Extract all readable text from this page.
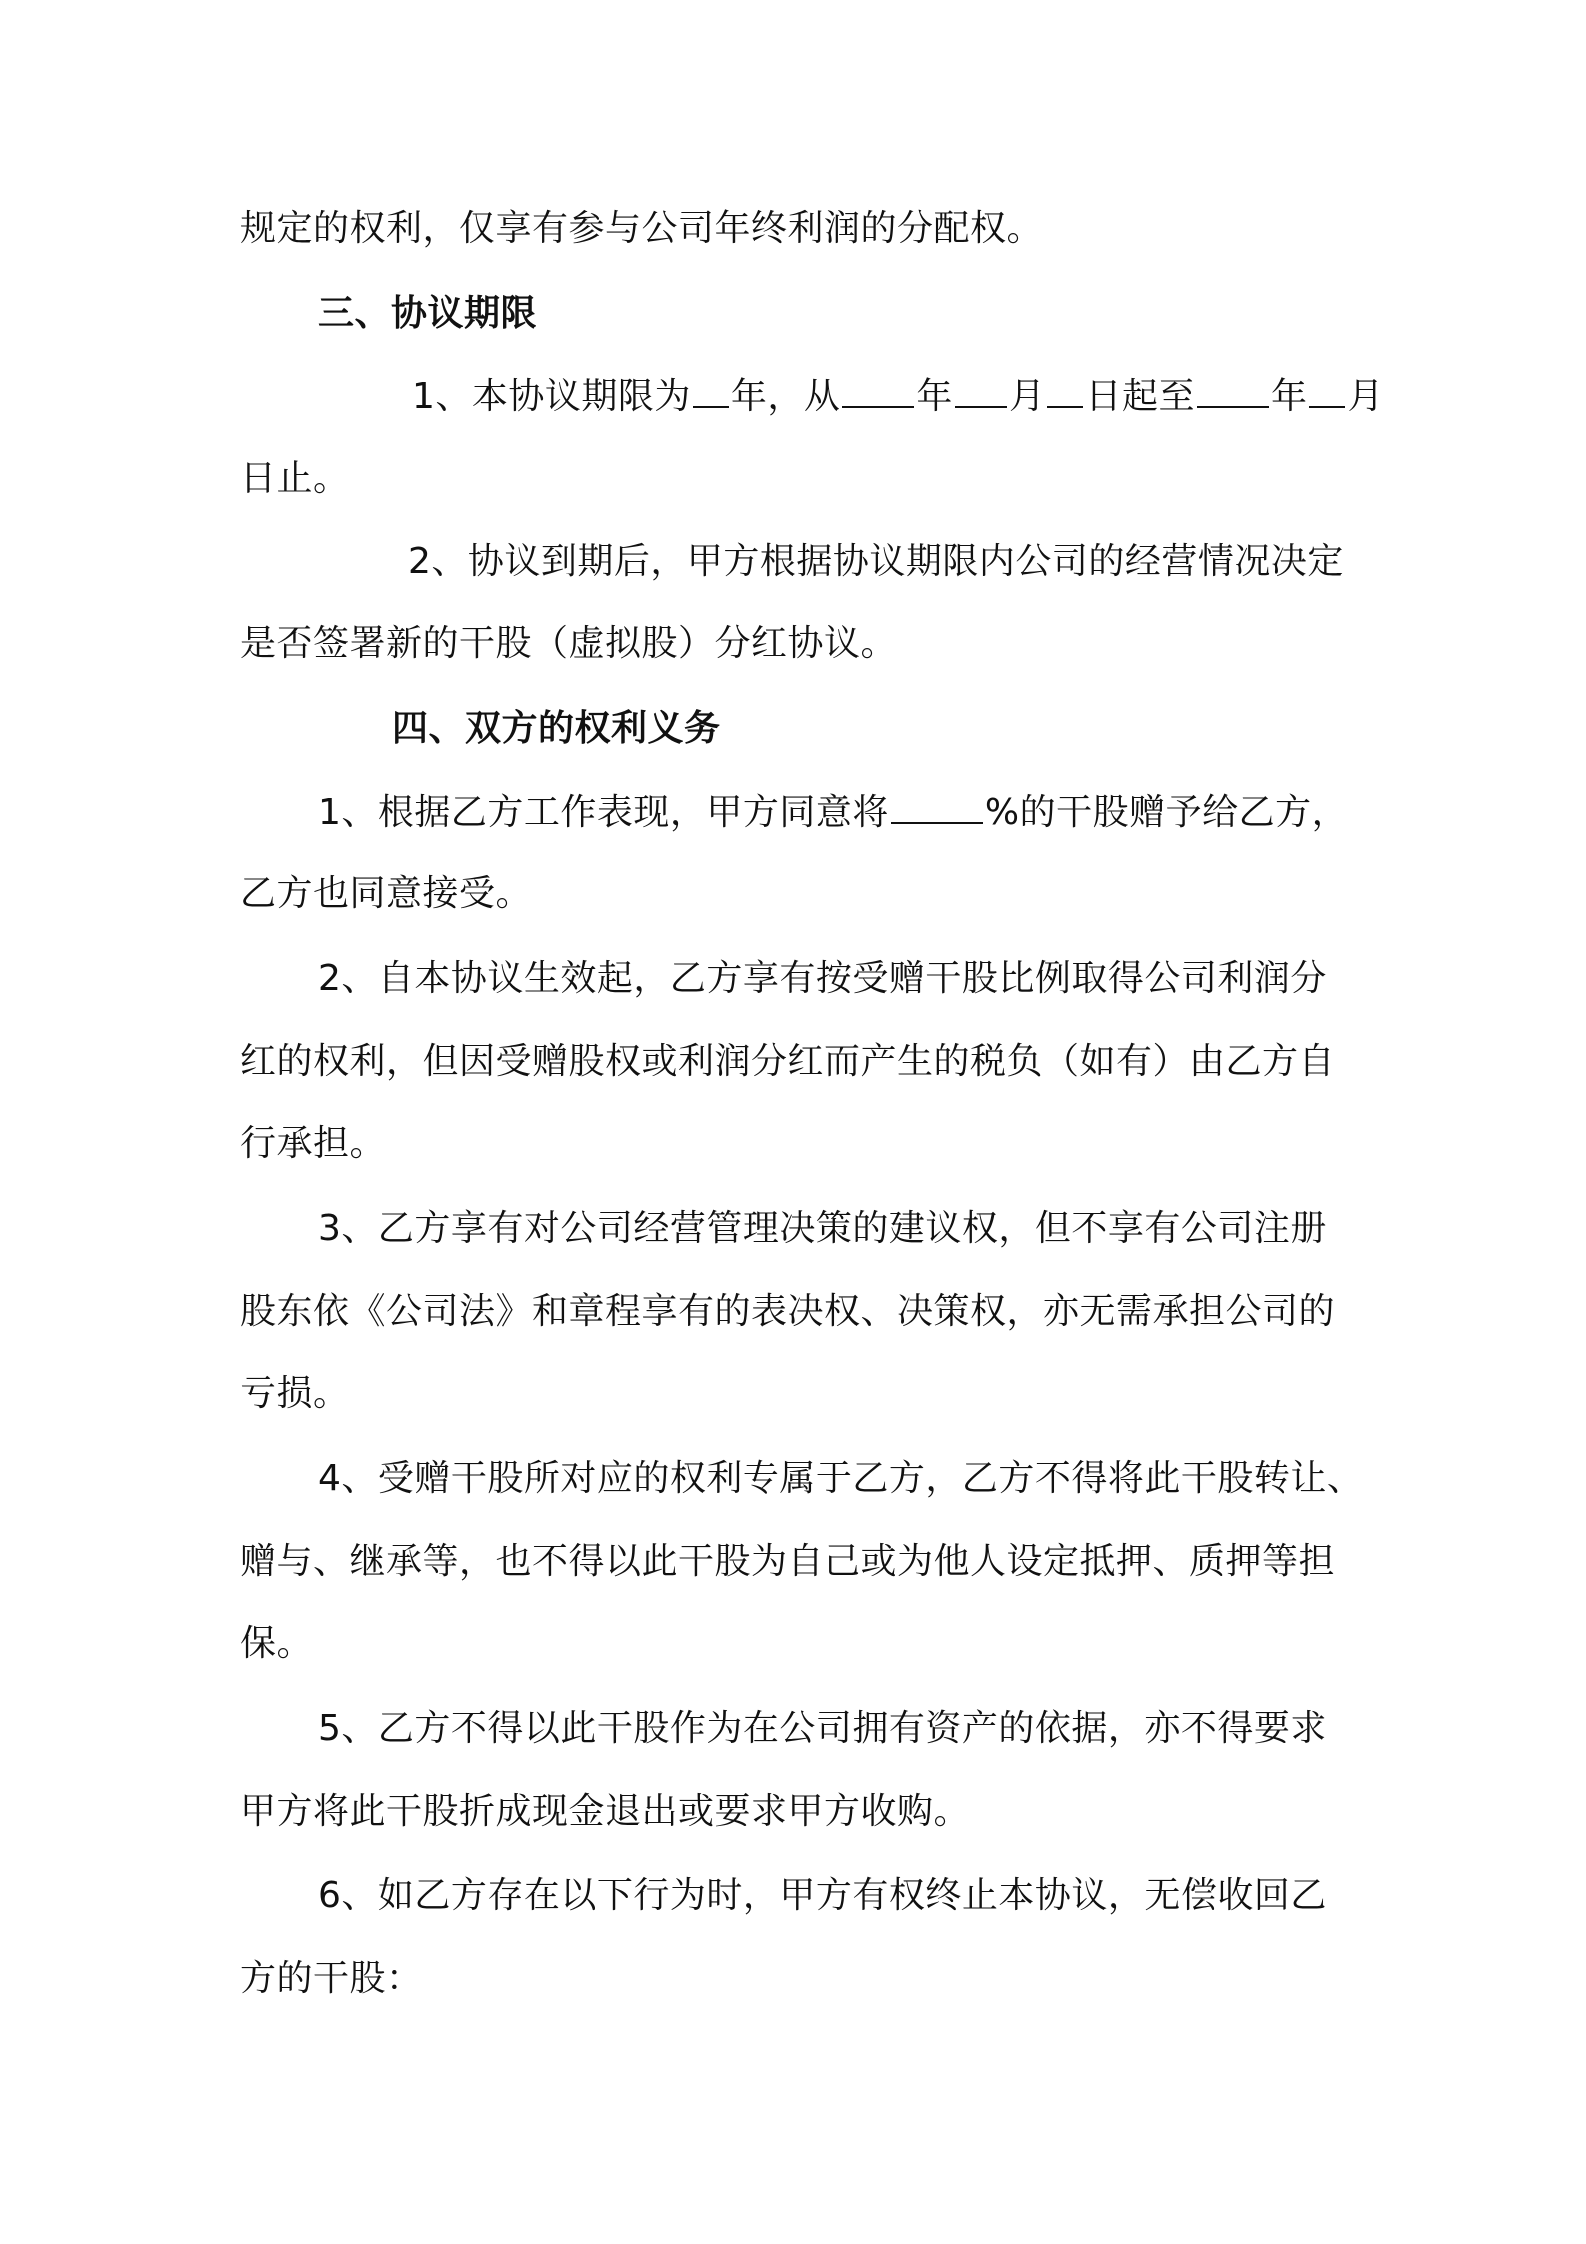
规定的权利，仅享有参与公司年终利润的分配权。
三、协议期限
1、本协议期限为 年，从 年 月 日起至 年 月
日止。
2、协议到期后，甲方根据协议期限内公司的经营情况决定
是否签署新的干股（虚拟股）分红协议。
四、双方的权利义务
1、根据乙方工作表现，甲方同意将	%的干股赠予给乙方，
乙方也同意接受。
2、自本协议生效起，乙方享有按受赠干股比例取得公司利润分
红的权利，但因受赠股权或利润分红而产生的税负（如有）由乙方自
行承担。
3、乙方享有对公司经营管理决策的建议权，但不享有公司注册
股东依《公司法》和章程享有的表决权、决策权，亦无需承担公司的
亏损。
4、受赠干股所对应的权利专属于乙方，乙方不得将此干股转让、
赠与、继承等，也不得以此干股为自己或为他人设定抵押、质押等担
保。
5、乙方不得以此干股作为在公司拥有资产的依据，亦不得要求
甲方将此干股折成现金退出或要求甲方收购。
6、如乙方存在以下行为时，甲方有权终止本协议，无偿收回乙
方的干股：
